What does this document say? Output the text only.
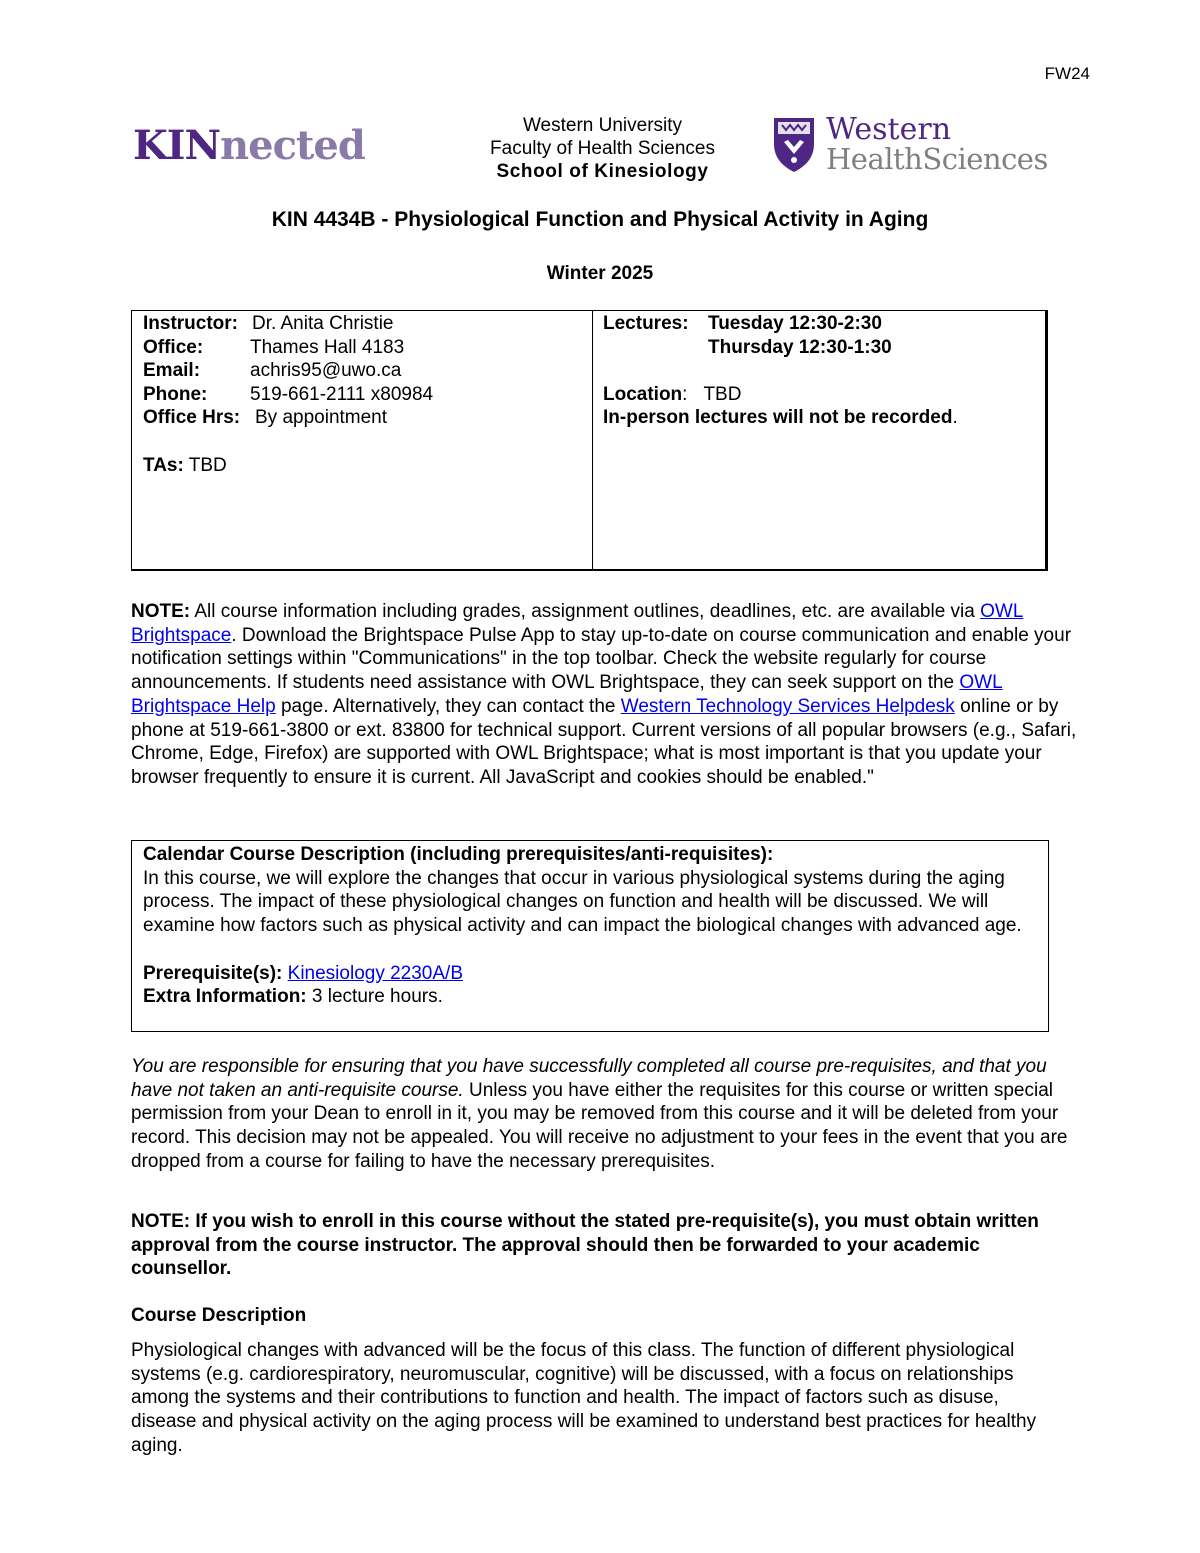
FW24
KINnected	Western University
Faculty of Health Sciences
School of Kinesiology
Western
HealthSciences
KIN 4434B - Physiological Function and Physical Activity in Aging
Winter 2025
Instructor: Dr. Anita Christie
Office: Thames Hall 4183
Email:	achris95@uwo.ca
Phone: 519-661-2111 x80984
Office Hrs: By appointment
TAs: TBD
Lectures: Tuesday 12:30-2:30
Thursday 12:30-1:30
Location: TBD
In-person lectures will not be recorded.
NOTE: All course information including grades, assignment outlines, deadlines, etc. are available via OWL Brightspace. Download the Brightspace Pulse App to stay up-to-date on course communication and enable your notification settings within "Communications" in the top toolbar. Check the website regularly for course announcements. If students need assistance with OWL Brightspace, they can seek support on the OWL Brightspace Help page. Alternatively, they can contact the Western Technology Services Helpdesk online or by phone at 519-661-3800 or ext. 83800 for technical support. Current versions of all popular browsers (e.g., Safari, Chrome, Edge, Firefox) are supported with OWL Brightspace; what is most important is that you update your browser frequently to ensure it is current. All JavaScript and cookies should be enabled."

Calendar Course Description (including prerequisites/anti-requisites):

In this course, we will explore the changes that occur in various physiological systems during the aging process. The impact of these physiological changes on function and health will be discussed. We will examine how factors such as physical activity and can impact the biological changes with advanced age.

Prerequisite(s): Kinesiology 2230A/B

Extra Information: 3 lecture hours.

You are responsible for ensuring that you have successfully completed all course pre-requisites, and that you have not taken an anti-requisite course. Unless you have either the requisites for this course or written special permission from your Dean to enroll in it, you may be removed from this course and it will be deleted from your record. This decision may not be appealed. You will receive no adjustment to your fees in the event that you are dropped from a course for failing to have the necessary prerequisites.
NOTE: If you wish to enroll in this course without the stated pre-requisite(s), you must obtain written approval from the course instructor. The approval should then be forwarded to your academic counsellor.
Course Description
Physiological changes with advanced will be the focus of this class. The function of different physiological systems (e.g. cardiorespiratory, neuromuscular, cognitive) will be discussed, with a focus on relationships among the systems and their contributions to function and health. The impact of factors such as disuse, disease and physical activity on the aging process will be examined to understand best practices for healthy aging.
